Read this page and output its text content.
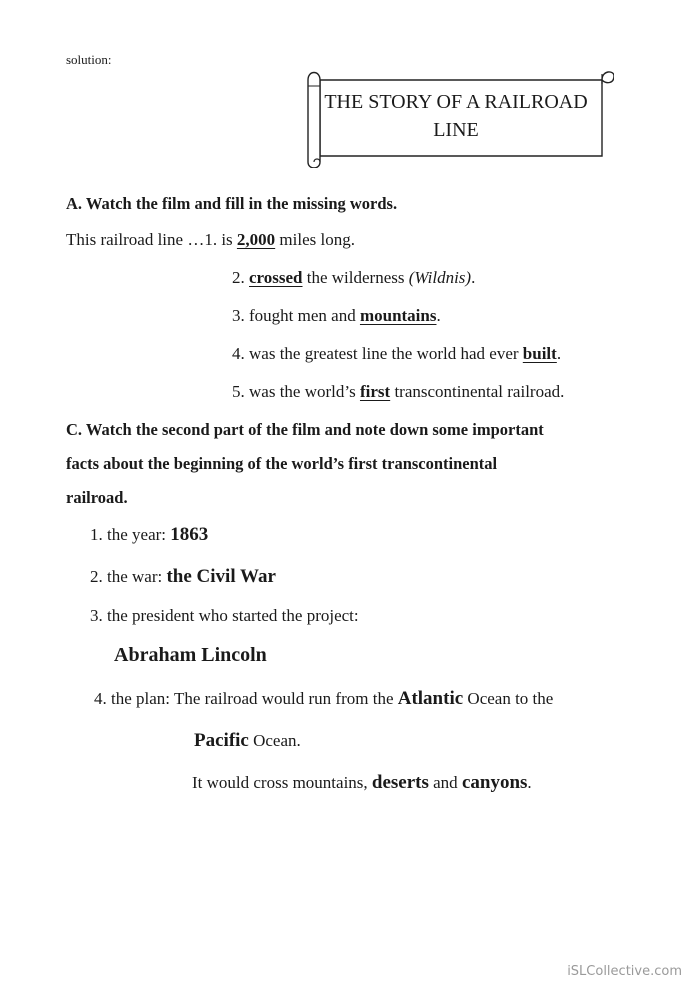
solution:
THE STORY OF A RAILROAD LINE
A. Watch the film and fill in the missing words.
This railroad line …1. is 2,000 miles long.
2. crossed the wilderness (Wildnis).
3. fought men and mountains.
4. was the greatest line the world had ever built.
5. was the world’s first transcontinental railroad.
C. Watch the second part of the film and note down some important
facts about the beginning of the world’s first transcontinental
railroad.
1. the year: 1863
2. the war: the Civil War
3. the president who started the project:
Abraham Lincoln
4. the plan: The railroad would run from the Atlantic Ocean to the
Pacific Ocean.
It would cross mountains, deserts and canyons.
iSLCollective.com
